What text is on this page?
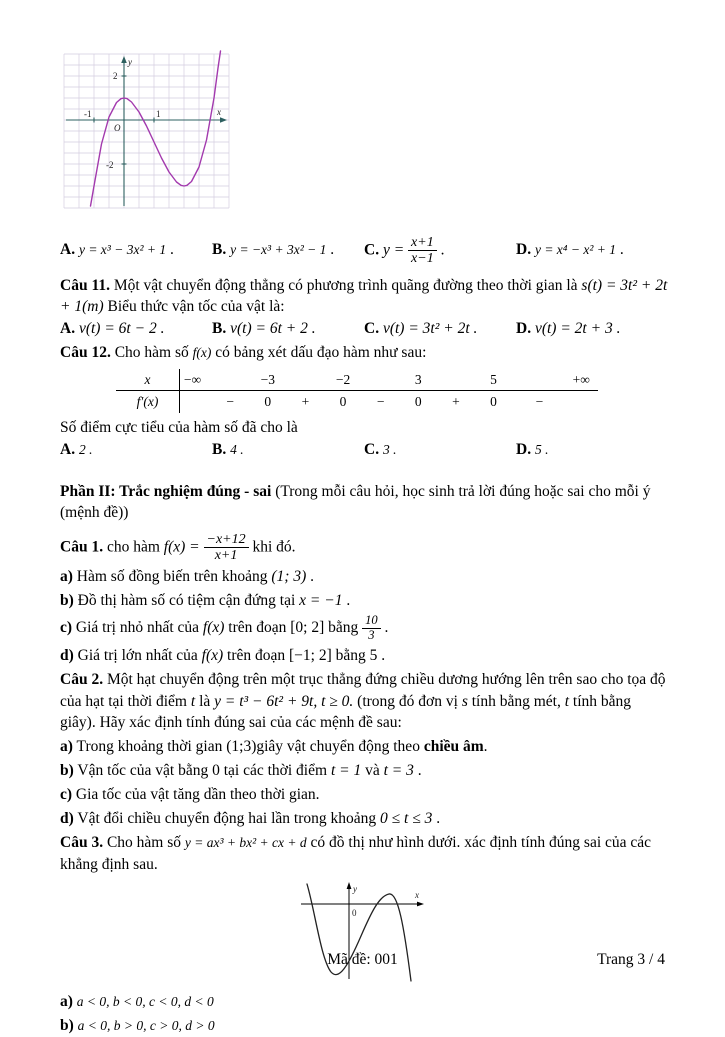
y
x
2
-2
-1	1
O
A. y = x³ − 3x² + 1 .	B. y = −x³ + 3x² − 1 .	C. $y = \frac{x+1}{x-1}$ .	D. y = x⁴ − x² + 1 .

Câu 11. Một vật chuyển động thẳng có phương trình quãng đường theo thời gian là s(t) = 3t² + 2t + 1(m) Biểu thức vận tốc của vật là:

A. v(t) = 6t − 2 .	B. v(t) = 6t + 2 .	C. v(t) = 3t² + 2t .	D. v(t) = 2t + 3 .

Câu 12. Cho hàm số f(x) có bảng xét dấu đạo hàm như sau:

x	−∞	−3	−2	3	5	+∞
f′(x)	− 0 + 0 − 0 + 0	−

Số điểm cực tiểu của hàm số đã cho là

A. 2 .	B. 4 .	C. 3 .	D. 5 .

Phần II: Trắc nghiệm đúng - sai (Trong mỗi câu hỏi, học sinh trả lời đúng hoặc sai cho mỗi ý (mệnh đề))

Câu 1. cho hàm $f(x) = \frac{-x+12}{x+1}$ khi đó.

a) Hàm số đồng biến trên khoảng (1; 3) .

b) Đồ thị hàm số có tiệm cận đứng tại x = −1 .

c) Giá trị nhỏ nhất của f(x) trên đoạn [0; 2] bằng $\frac{10}{3}$ .

d) Giá trị lớn nhất của f(x) trên đoạn [−1; 2] bằng 5 .

Câu 2. Một hạt chuyển động trên một trục thẳng đứng chiều dương hướng lên trên sao cho tọa độ của hạt tại thời điểm t là y = t³ − 6t² + 9t, t ≥ 0. (trong đó đơn vị s tính bằng mét, t tính bằng giây). Hãy xác định tính đúng sai của các mệnh đề sau:

a) Trong khoảng thời gian (1;3)giây vật chuyển động theo chiều âm.

b) Vận tốc của vật bằng 0 tại các thời điểm t = 1 và t = 3 .

c) Gia tốc của vật tăng dần theo thời gian.

d) Vật đổi chiều chuyển động hai lần trong khoảng 0 ≤ t ≤ 3 .

Câu 3. Cho hàm số y = ax³ + bx² + cx + d có đồ thị như hình dưới. xác định tính đúng sai của các khẳng định sau.

y
x
0

a) a < 0, b < 0, c < 0, d < 0

b) a < 0, b > 0, c > 0, d > 0

Mã đề: 001	Trang 3 / 4
